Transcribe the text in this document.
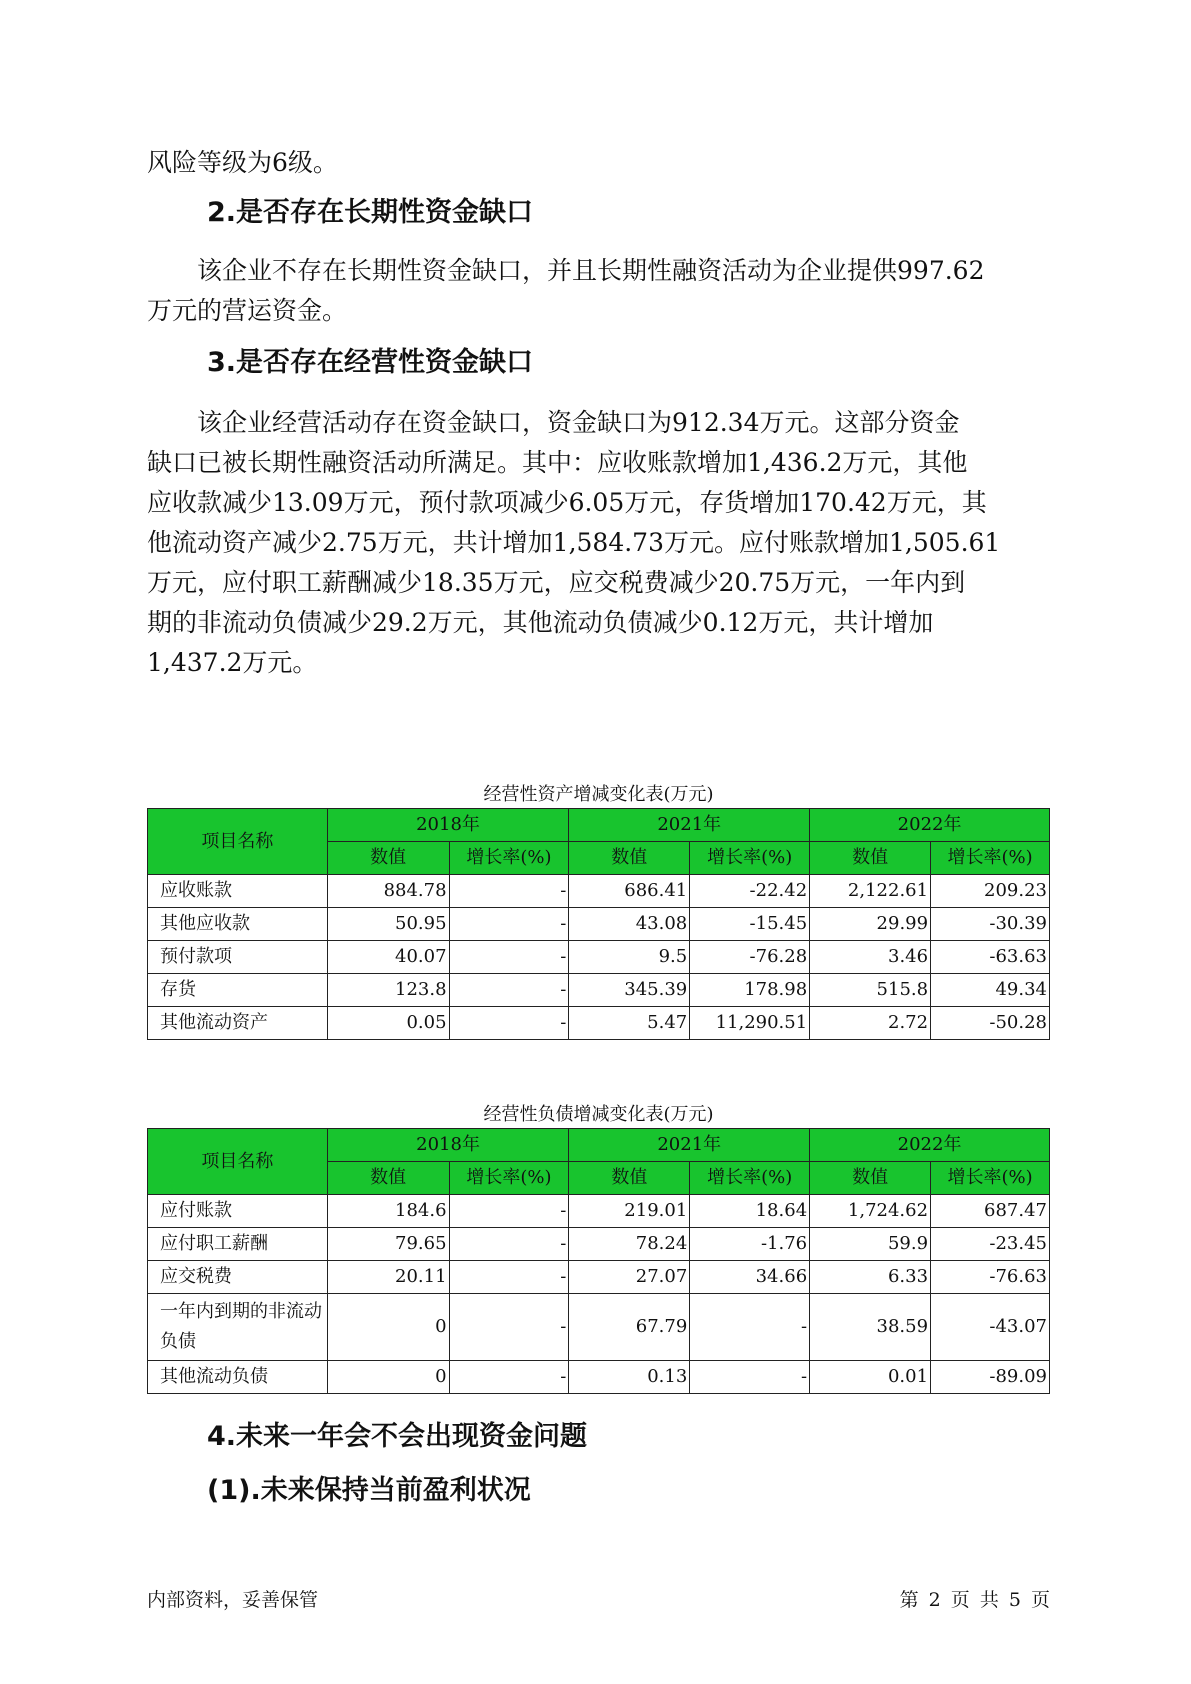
风险等级为6级。

2.是否存在长期性资金缺口

该企业不存在长期性资金缺口，并且长期性融资活动为企业提供997.62
万元的营运资金。

3.是否存在经营性资金缺口

该企业经营活动存在资金缺口，资金缺口为912.34万元。这部分资金
缺口已被长期性融资活动所满足。其中：应收账款增加1,436.2万元，其他
应收款减少13.09万元，预付款项减少6.05万元，存货增加170.42万元，其
他流动资产减少2.75万元，共计增加1,584.73万元。应付账款增加1,505.61
万元，应付职工薪酬减少18.35万元，应交税费减少20.75万元，一年内到
期的非流动负债减少29.2万元，其他流动负债减少0.12万元，共计增加
1,437.2万元。

经营性资产增减变化表(万元)
项目名称	2018年		2021年		2022年	
	数值	增长率(%)	数值	增长率(%)	数值	增长率(%)
应收账款	884.78	-	686.41	-22.42	2,122.61	209.23
其他应收款	50.95	-	43.08	-15.45	29.99	-30.39
预付款项	40.07	-	9.5	-76.28	3.46	-63.63
存货	123.8	-	345.39	178.98	515.8	49.34
其他流动资产	0.05	-	5.47	11,290.51	2.72	-50.28
经营性负债增减变化表(万元)
项目名称	2018年		2021年		2022年	
	数值	增长率(%)	数值	增长率(%)	数值	增长率(%)
应付账款	184.6	-	219.01	18.64	1,724.62	687.47
应付职工薪酬	79.65	-	78.24	-1.76	59.9	-23.45
应交税费	20.11	-	27.07	34.66	6.33	-76.63
一年内到期的非流动负债	0	-	67.79	-	38.59	-43.07
其他流动负债	0	-	0.13	-	0.01	-89.09
4.未来一年会不会出现资金问题
(1).未来保持当前盈利状况
内部资料，妥善保管	第 2 页 共 5 页
